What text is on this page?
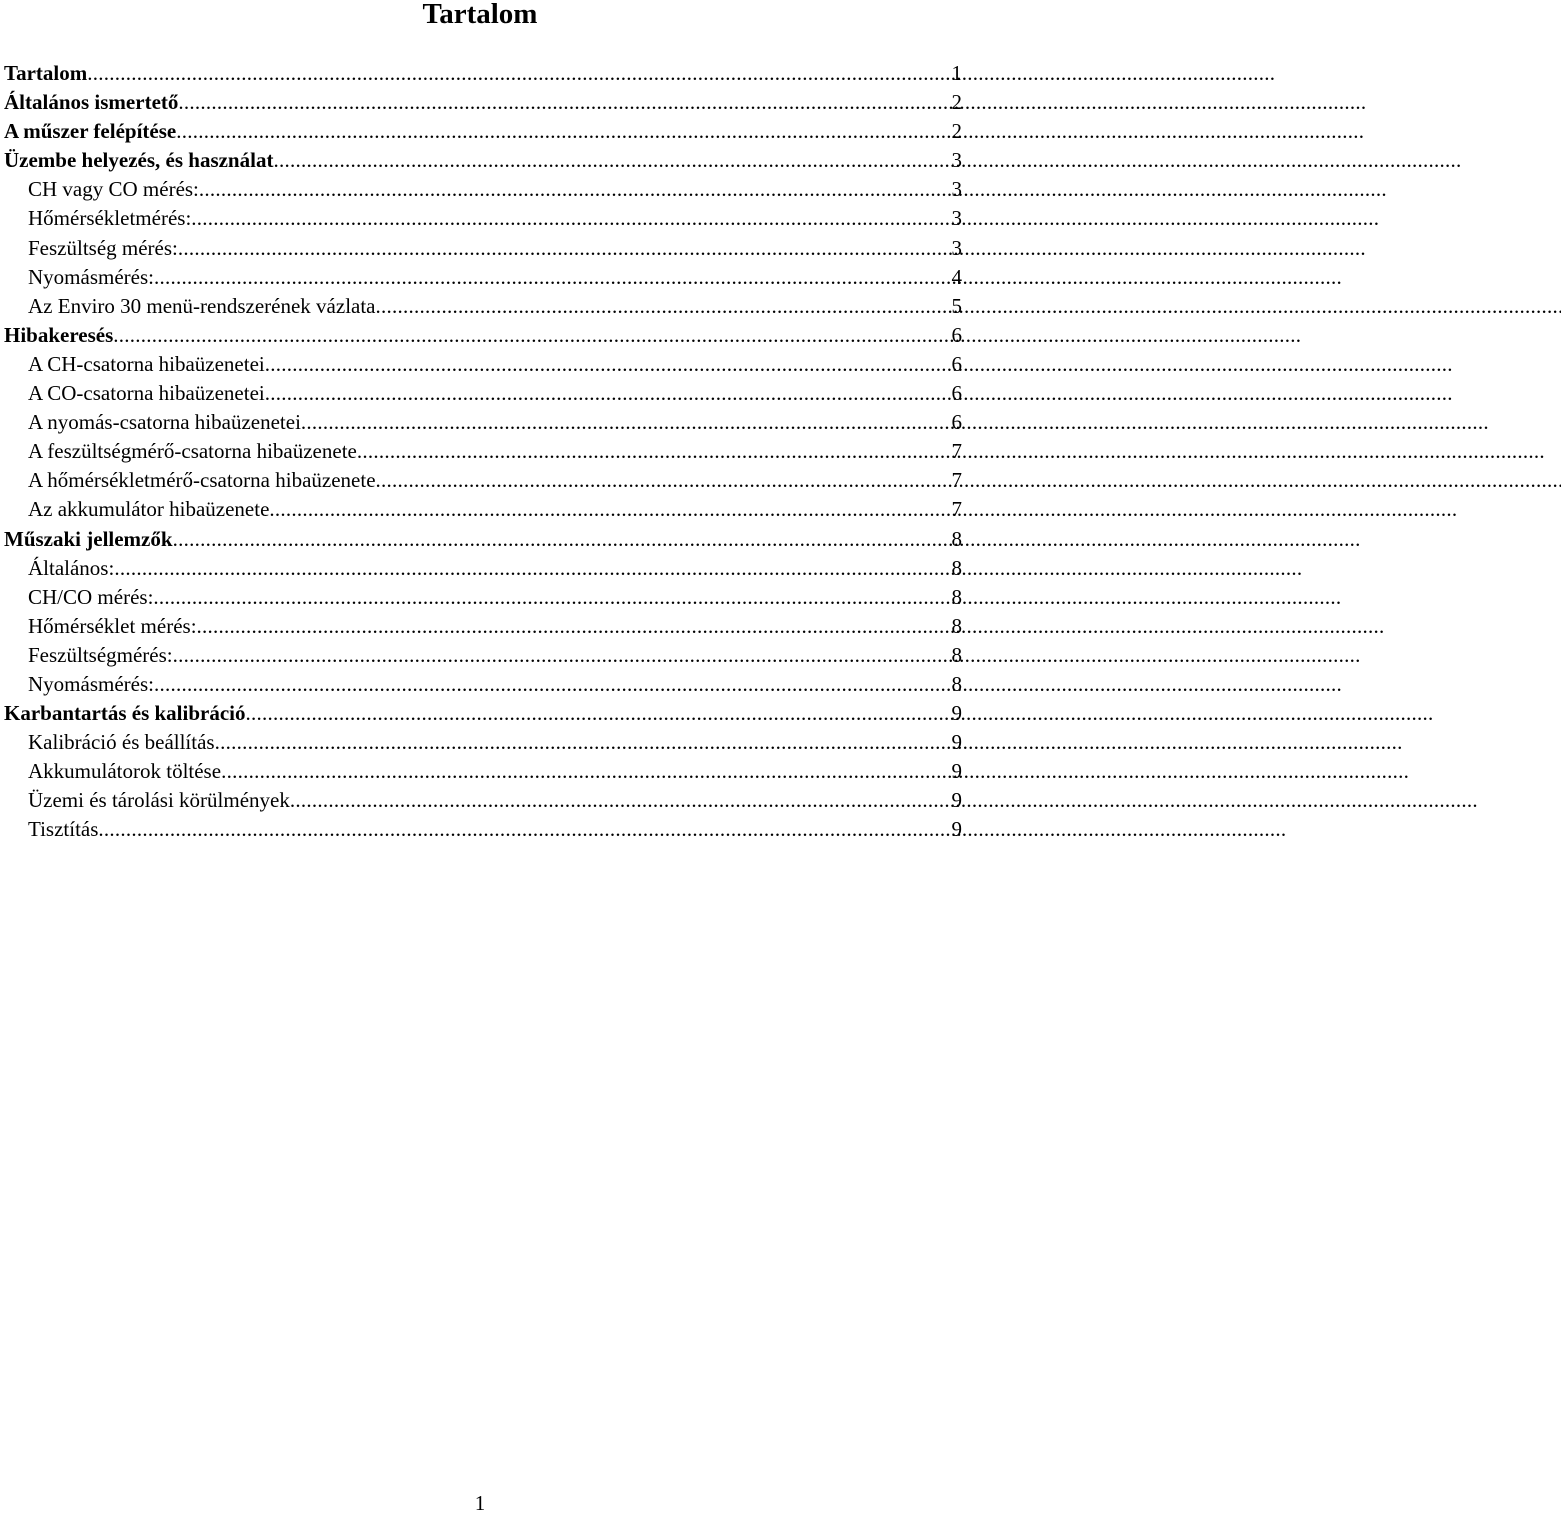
Tartalom
Tartalom . . .	1
Általános ismertető . . .	2
A műszer felépítése . . .	2
Üzembe helyezés, és használat . . .	3
CH vagy CO mérés: . . .	3
Hőmérsékletmérés: . . .	3
Feszültség mérés: . . .	3
Nyomásmérés: . . .	4
Az Enviro 30 menü-rendszerének vázlata . . .	5
Hibakeresés . . .	6
A CH-csatorna hibaüzenetei . . .	6
A CO-csatorna hibaüzenetei . . .	6
A nyomás-csatorna hibaüzenetei . . .	6
A feszültségmérő-csatorna hibaüzenete . . .	7
A hőmérsékletmérő-csatorna hibaüzenete . . .	7
Az akkumulátor hibaüzenete . . .	7
Műszaki jellemzők . . .	8
Általános: . . .	8
CH/CO mérés: . . .	8
Hőmérséklet mérés: . . .	8
Feszültségmérés: . . .	8
Nyomásmérés: . . .	8
Karbantartás és kalibráció . . .	9
Kalibráció és beállítás . . .	9
Akkumulátorok töltése . . .	9
Üzemi és tárolási körülmények . . .	9
Tisztítás . . .	9
1
